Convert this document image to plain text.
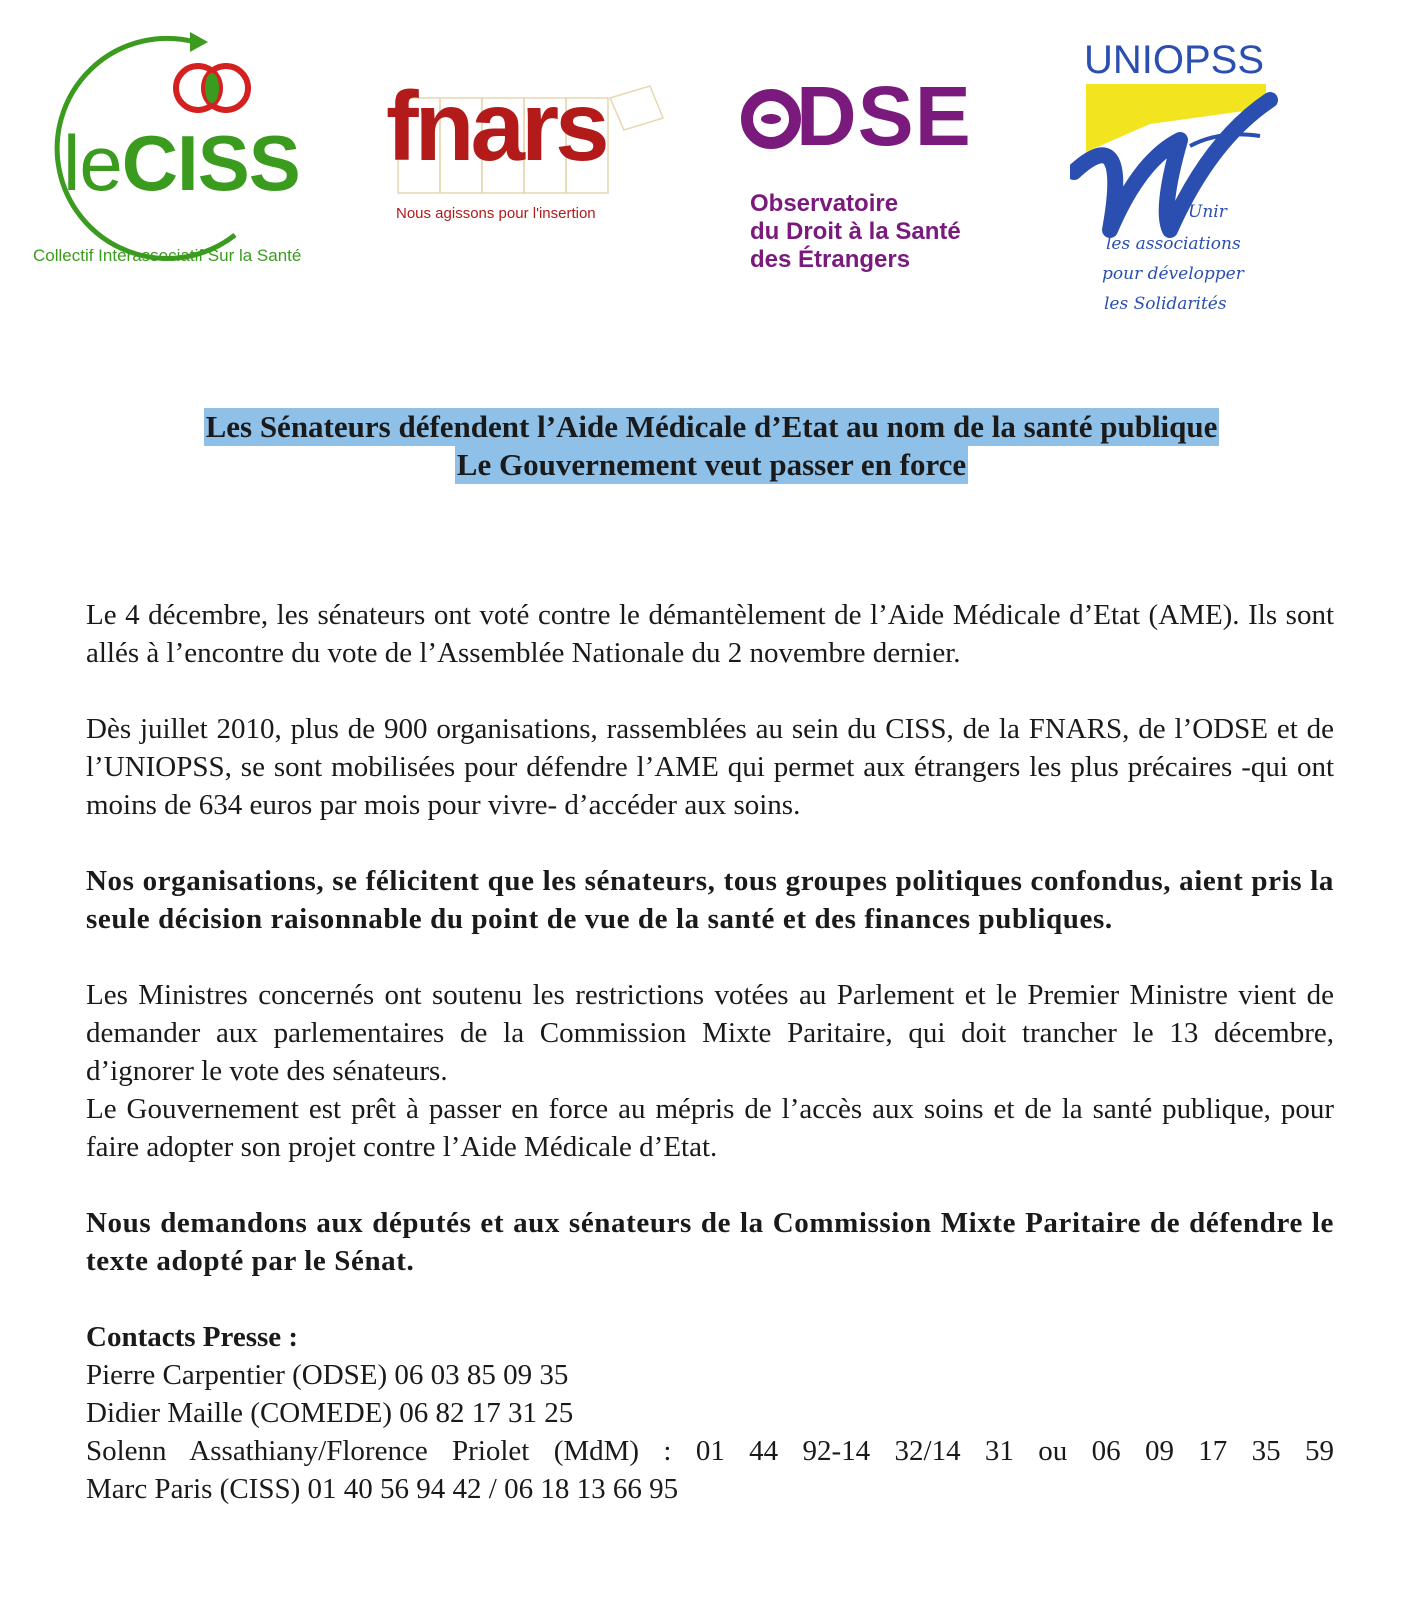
leCISS
Collectif Interassociatif Sur la Santé
fnars
Nous agissons pour l'insertion
DSE
Observatoire
du Droit à la Santé
des Étrangers
UNIOPSS
Unir
les associations
pour développer
les Solidarités
Les Sénateurs défendent l’Aide Médicale d’Etat au nom de la santé publique
Le Gouvernement veut passer en force

Le 4 décembre, les sénateurs ont voté contre le démantèlement de l’Aide Médicale d’Etat (AME). Ils sont allés à l’encontre du vote de l’Assemblée Nationale du 2 novembre dernier.

Dès juillet 2010, plus de 900 organisations, rassemblées au sein du CISS, de la FNARS, de l’ODSE et de l’UNIOPSS, se sont mobilisées pour défendre l’AME qui permet aux étrangers les plus précaires -qui ont moins de 634 euros par mois pour vivre- d’accéder aux soins.

Nos organisations, se félicitent que les sénateurs, tous groupes politiques confondus, aient pris la seule décision raisonnable du point de vue de la santé et des finances publiques.

Les Ministres concernés ont soutenu les restrictions votées au Parlement et le Premier Ministre vient de demander aux parlementaires de la Commission Mixte Paritaire, qui doit trancher le 13 décembre, d’ignorer le vote des sénateurs.
Le Gouvernement est prêt à passer en force au mépris de l’accès aux soins et de la santé publique, pour faire adopter son projet contre l’Aide Médicale d’Etat.

Nous demandons aux députés et aux sénateurs de la Commission Mixte Paritaire de défendre le texte adopté par le Sénat.

Contacts Presse :
Pierre Carpentier (ODSE) 06 03 85 09 35
Didier Maille (COMEDE) 06 82 17 31 25
Solenn Assathiany/Florence Priolet (MdM) : 01 44 92-14 32/14 31 ou 06 09 17 35 59
Marc Paris (CISS) 01 40 56 94 42 / 06 18 13 66 95
